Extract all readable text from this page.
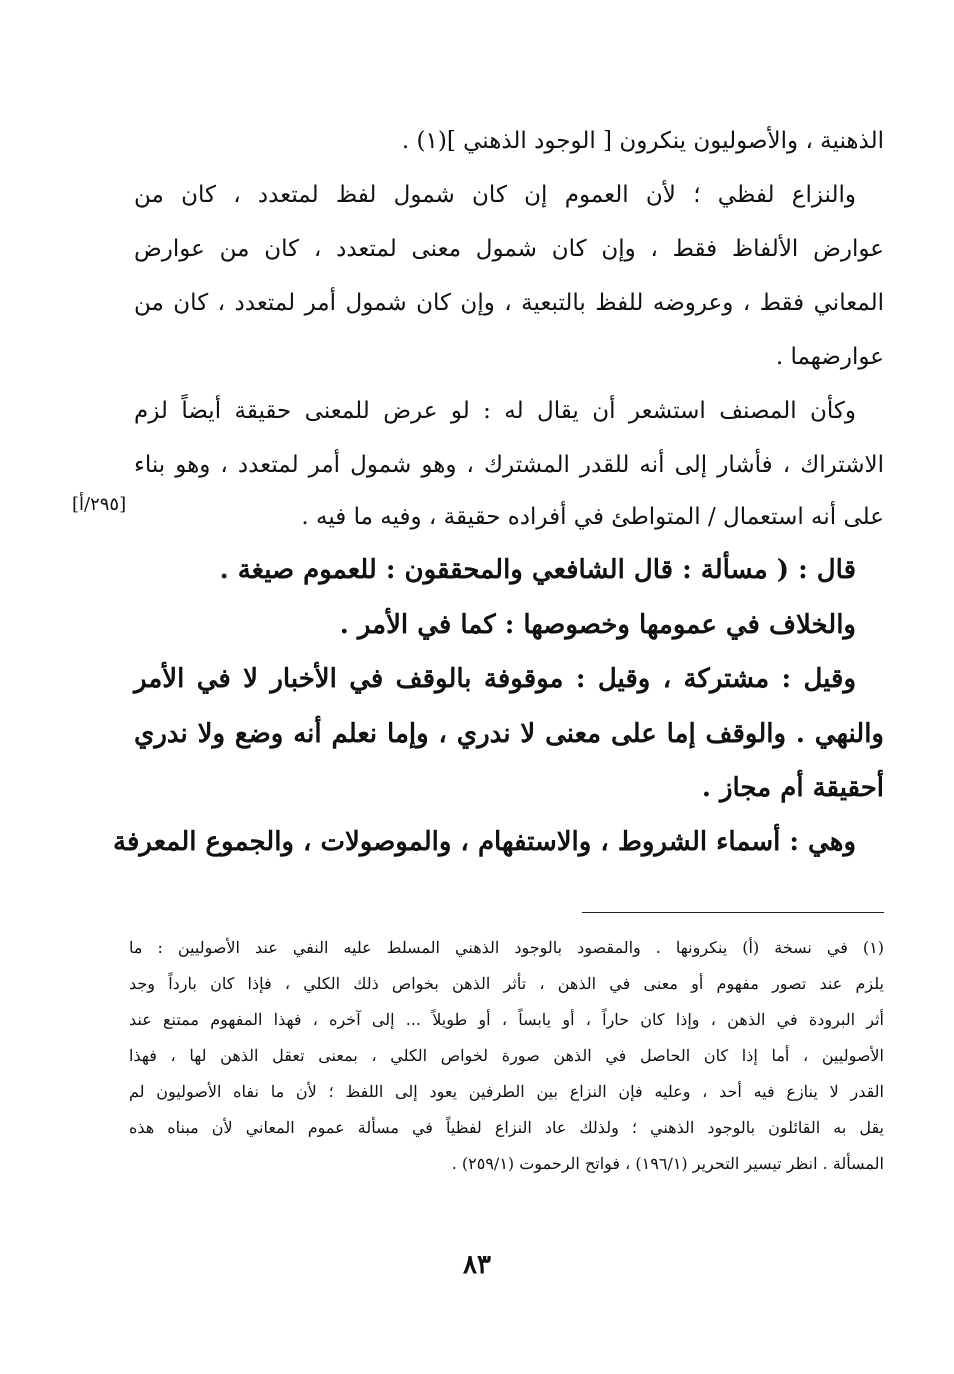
الذهنية ، والأصوليون ينكرون [ الوجود الذهني ](١) .
والنزاع لفظي ؛ لأن العموم إن كان شمول لفظ لمتعدد ، كان من
عوارض الألفاظ فقط ، وإن كان شمول معنى لمتعدد ، كان من عوارض
المعاني فقط ، وعروضه للفظ بالتبعية ، وإن كان شمول أمر لمتعدد ، كان من
عوارضهما .
وكأن المصنف استشعر أن يقال له : لو عرض للمعنى حقيقة أيضاً لزم
الاشتراك ، فأشار إلى أنه للقدر المشترك ، وهو شمول أمر لمتعدد ، وهو بناء
على أنه استعمال / المتواطئ في أفراده حقيقة ، وفيه ما فيه .
[٢٩٥/أ]
قال : ( مسألة : قال الشافعي والمحققون : للعموم صيغة .
والخلاف في عمومها وخصوصها : كما في الأمر .
وقيل : مشتركة ، وقيل : موقوفة بالوقف في الأخبار لا في الأمر
والنهي . والوقف إما على معنى لا ندري ، وإما نعلم أنه وضع ولا ندري
أحقيقة أم مجاز .
وهي : أسماء الشروط ، والاستفهام ، والموصولات ، والجموع المعرفة
(١) في نسخة (أ) ينكرونها . والمقصود بالوجود الذهني المسلط عليه النفي عند الأصوليين : ما
يلزم عند تصور مفهوم أو معنى في الذهن ، تأثر الذهن بخواص ذلك الكلي ، فإذا كان بارداً وجد
أثر البرودة في الذهن ، وإذا كان حاراً ، أو يابساً ، أو طويلاً ... إلى آخره ، فهذا المفهوم ممتنع عند
الأصوليين ، أما إذا كان الحاصل في الذهن صورة لخواص الكلي ، بمعنى تعقل الذهن لها ، فهذا
القدر لا ينازع فيه أحد ، وعليه فإن النزاع بين الطرفين يعود إلى اللفظ ؛ لأن ما نفاه الأصوليون لم
يقل به القائلون بالوجود الذهني ؛ ولذلك عاد النزاع لفظياً في مسألة عموم المعاني لأن مبناه هذه
المسألة . انظر تيسير التحرير (١٩٦/١) ، فواتح الرحموت (٢٥٩/١) .
٨٣
